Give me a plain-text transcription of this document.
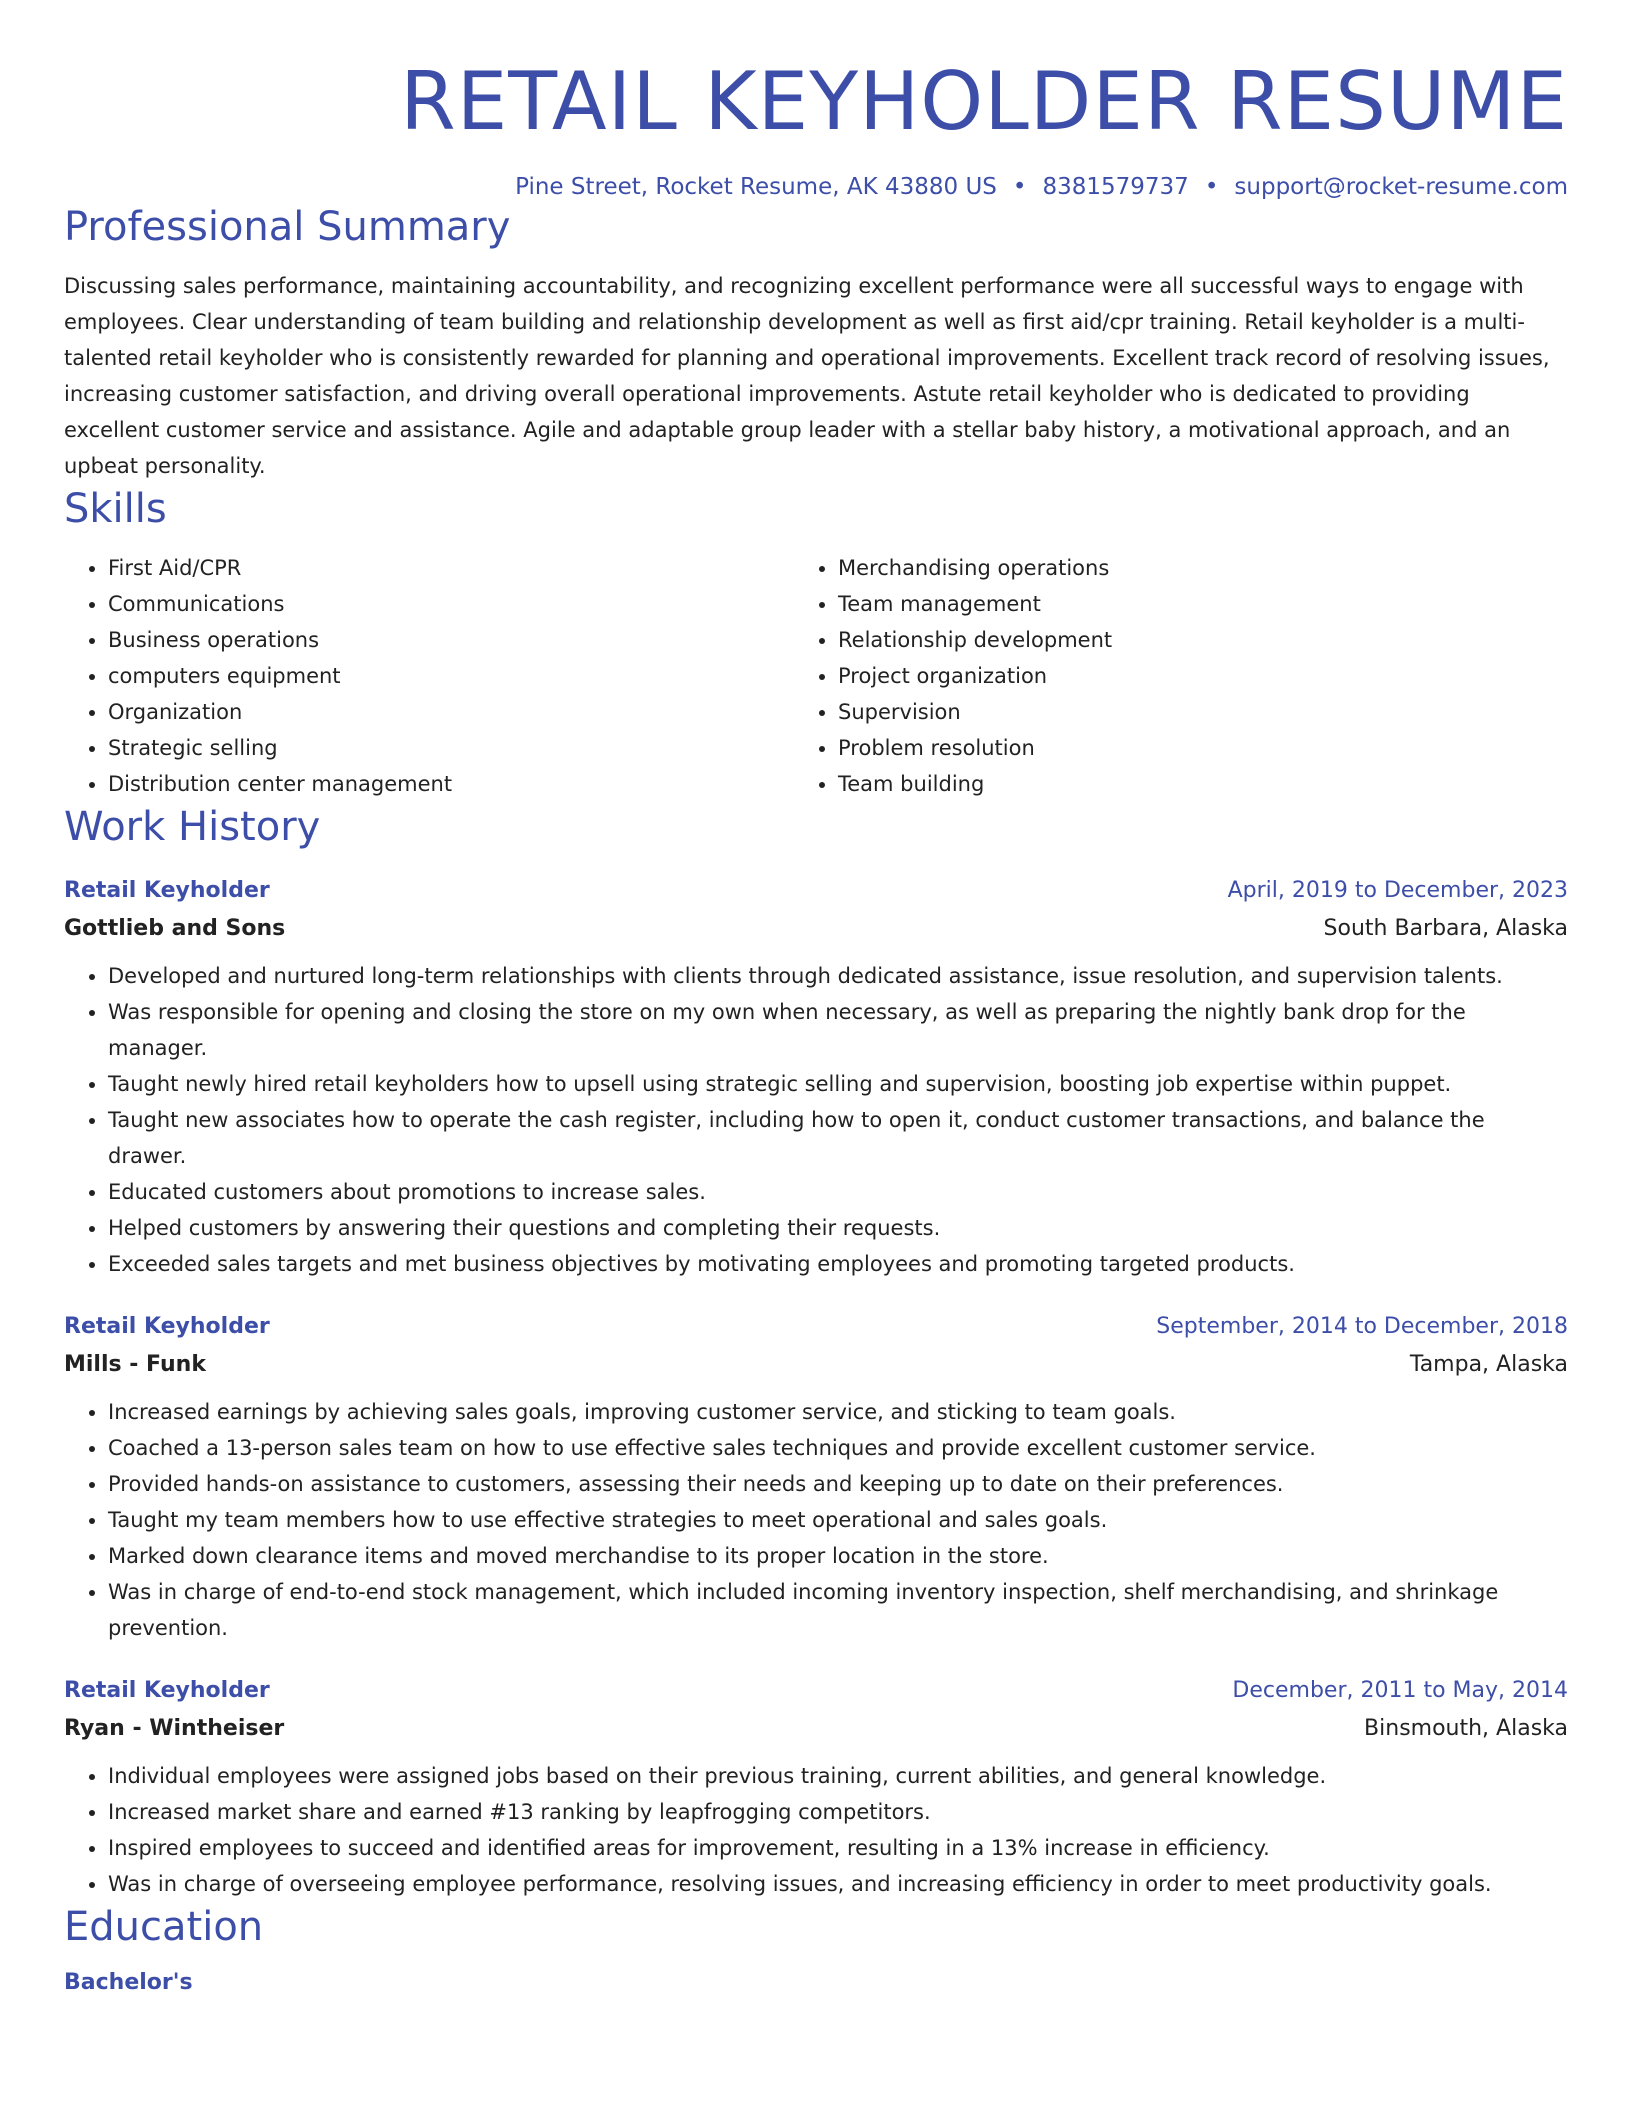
RETAIL KEYHOLDER RESUME
Pine Street, Rocket Resume, AK 43880 US • 8381579737 • support@rocket-resume.com
Professional Summary
Discussing sales performance, maintaining accountability, and recognizing excellent performance were all successful ways to engage with employees. Clear understanding of team building and relationship development as well as first aid/cpr training. Retail keyholder is a multi-talented retail keyholder who is consistently rewarded for planning and operational improvements. Excellent track record of resolving issues, increasing customer satisfaction, and driving overall operational improvements. Astute retail keyholder who is dedicated to providing excellent customer service and assistance. Agile and adaptable group leader with a stellar baby history, a motivational approach, and an upbeat personality.
Skills
• First Aid/CPR
• Communications
• Business operations
• computers equipment
• Organization
• Strategic selling
• Distribution center management
• Merchandising operations
• Team management
• Relationship development
• Project organization
• Supervision
• Problem resolution
• Team building
Work History
Retail Keyholder	April, 2019 to December, 2023
Gottlieb and Sons	South Barbara, Alaska
• Developed and nurtured long-term relationships with clients through dedicated assistance, issue resolution, and supervision talents.
• Was responsible for opening and closing the store on my own when necessary, as well as preparing the nightly bank drop for the manager.
• Taught newly hired retail keyholders how to upsell using strategic selling and supervision, boosting job expertise within puppet.
• Taught new associates how to operate the cash register, including how to open it, conduct customer transactions, and balance the drawer.
• Educated customers about promotions to increase sales.
• Helped customers by answering their questions and completing their requests.
• Exceeded sales targets and met business objectives by motivating employees and promoting targeted products.
Retail Keyholder	September, 2014 to December, 2018
Mills - Funk	Tampa, Alaska
• Increased earnings by achieving sales goals, improving customer service, and sticking to team goals.
• Coached a 13-person sales team on how to use effective sales techniques and provide excellent customer service.
• Provided hands-on assistance to customers, assessing their needs and keeping up to date on their preferences.
• Taught my team members how to use effective strategies to meet operational and sales goals.
• Marked down clearance items and moved merchandise to its proper location in the store.
• Was in charge of end-to-end stock management, which included incoming inventory inspection, shelf merchandising, and shrinkage prevention.
Retail Keyholder	December, 2011 to May, 2014
Ryan - Wintheiser	Binsmouth, Alaska
• Individual employees were assigned jobs based on their previous training, current abilities, and general knowledge.
• Increased market share and earned #13 ranking by leapfrogging competitors.
• Inspired employees to succeed and identified areas for improvement, resulting in a 13% increase in efficiency.
• Was in charge of overseeing employee performance, resolving issues, and increasing efficiency in order to meet productivity goals.
Education
Bachelor's
